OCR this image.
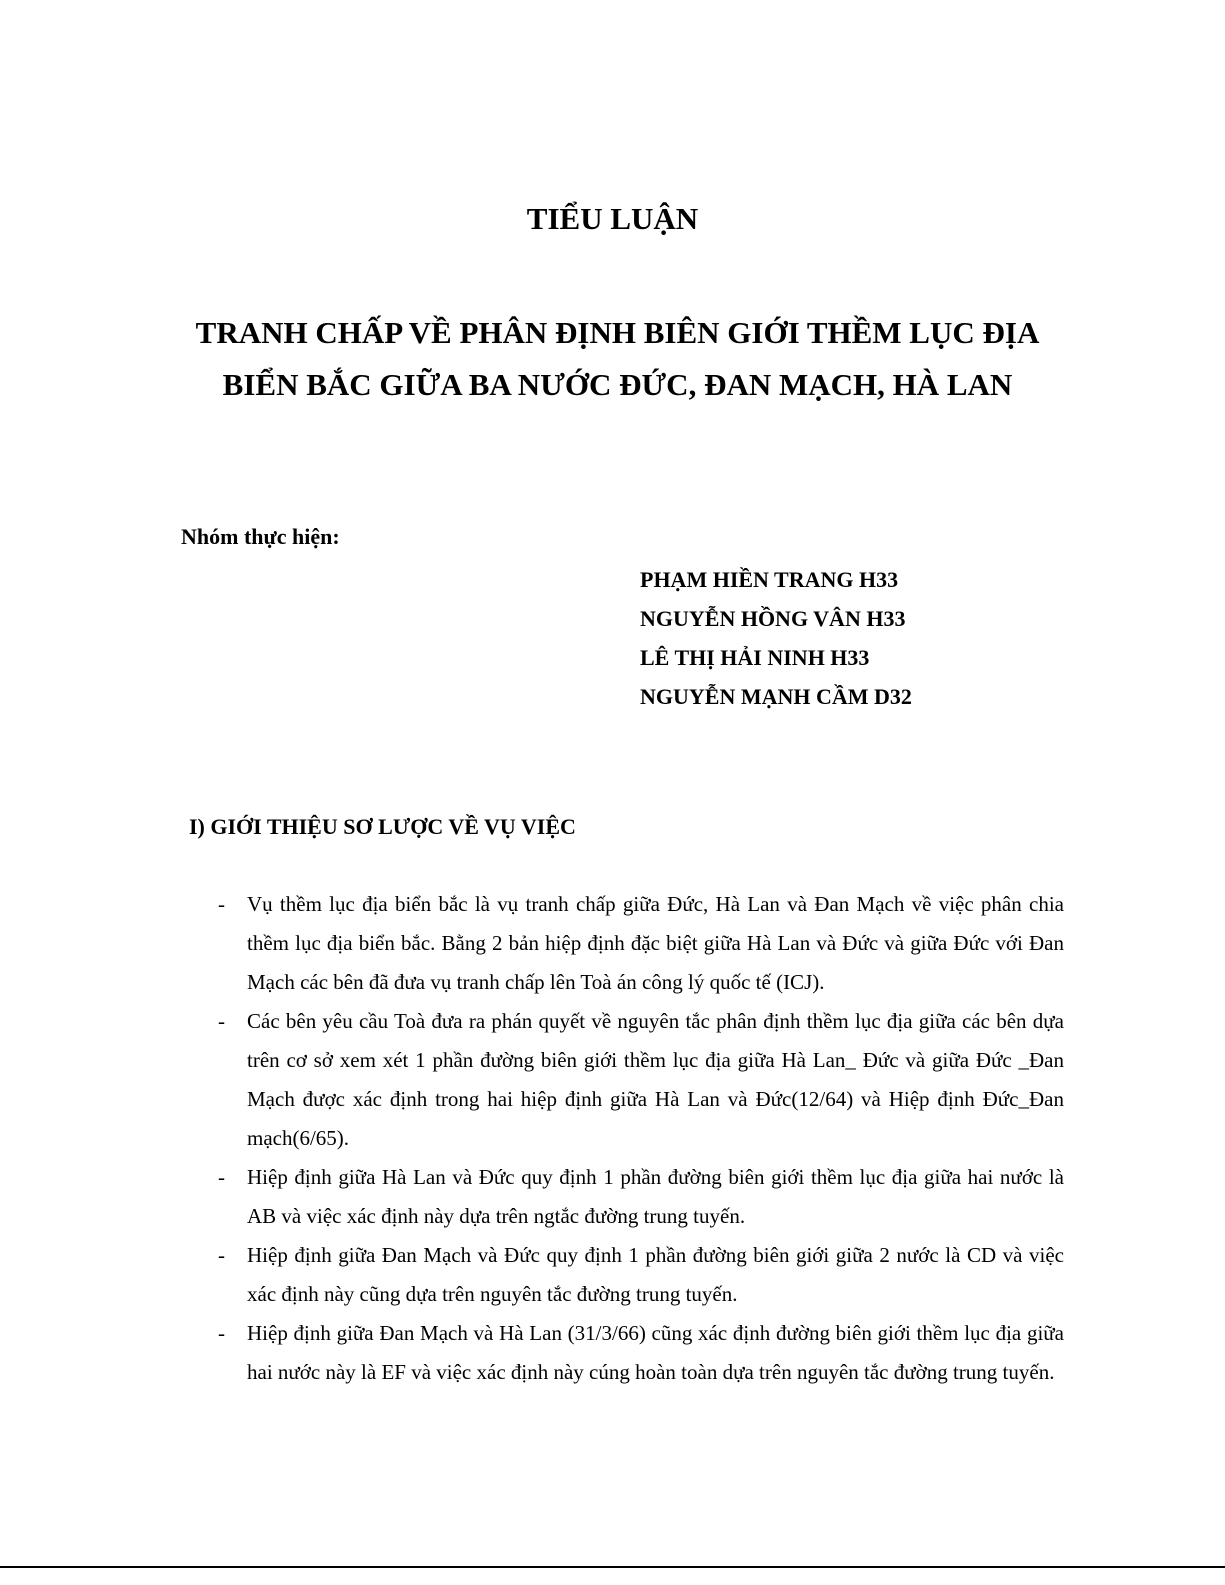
TIỂU LUẬN
TRANH CHẤP VỀ PHÂN ĐỊNH BIÊN GIỚI THỀM LỤC ĐỊA
BIỂN BẮC GIỮA BA NƯỚC ĐỨC, ĐAN MẠCH, HÀ LAN

Nhóm thực hiện:

PHẠM HIỀN TRANG H33
NGUYỄN HỒNG VÂN H33
LÊ THỊ HẢI NINH H33
NGUYỄN MẠNH CẦM D32
I) GIỚI THIỆU SƠ LƯỢC VỀ VỤ VIỆC
- Vụ thềm lục địa biển bắc là vụ tranh chấp giữa Đức, Hà Lan và Đan Mạch về việc phân chia thềm lục địa biển bắc. Bằng 2 bản hiệp định đặc biệt giữa Hà Lan và Đức và giữa Đức với Đan Mạch các bên đã đưa vụ tranh chấp lên Toà án công lý quốc tế (ICJ).
- Các bên yêu cầu Toà đưa ra phán quyết về nguyên tắc phân định thềm lục địa giữa các bên dựa trên cơ sở xem xét 1 phần đường biên giới thềm lục địa giữa Hà Lan_ Đức và giữa Đức _Đan Mạch được xác định trong hai hiệp định giữa Hà Lan và Đức(12/64) và Hiệp định Đức_Đan mạch(6/65).
- Hiệp định giữa Hà Lan và Đức quy định 1 phần đường biên giới thềm lục địa giữa hai nước là AB và việc xác định này dựa trên ngtắc đường trung tuyến.
- Hiệp định giữa Đan Mạch và Đức quy định 1 phần đường biên giới giữa 2 nước là CD và việc xác định này cũng dựa trên nguyên tắc đường trung tuyến.
- Hiệp định giữa Đan Mạch và Hà Lan (31/3/66) cũng xác định đường biên giới thềm lục địa giữa hai nước này là EF và việc xác định này cúng hoàn toàn dựa trên nguyên tắc đường trung tuyến.
